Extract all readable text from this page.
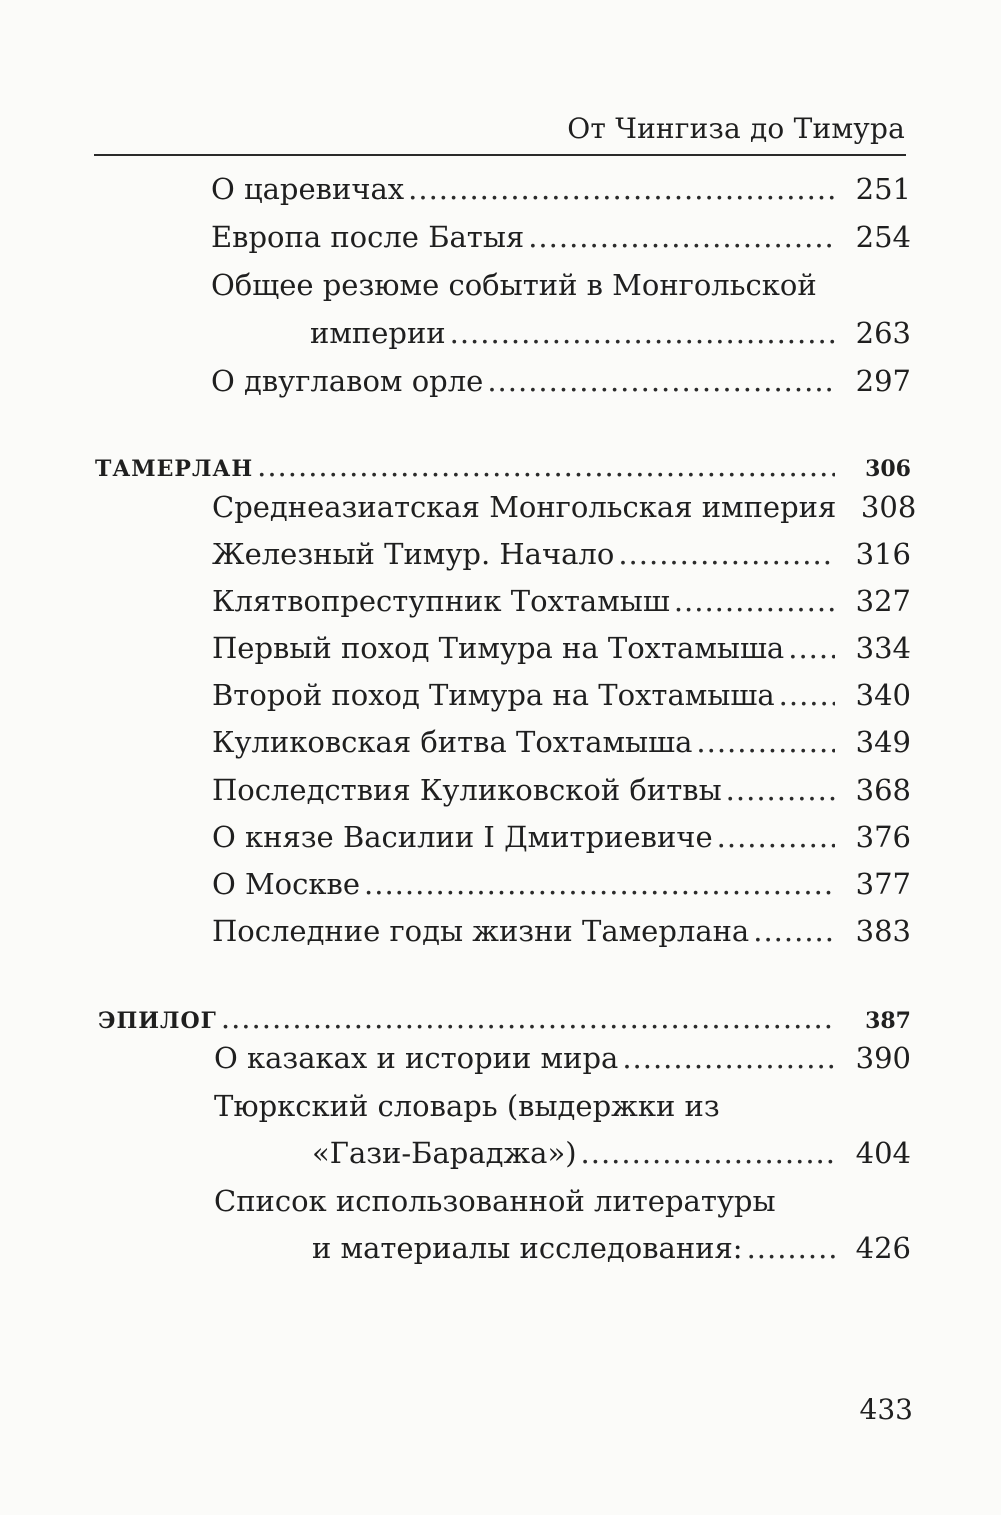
От Чингиза до Тимура
О царевичах .....	251
Европа после Батыя .....	254
Общее резюме событий в Монгольской
империи .....	263
О двуглавом орле .....	297
ТАМЕРЛАН .....	306
Среднеазиатская Монгольская империя 308
Железный Тимур. Начало .....	316
Клятвопреступник Тохтамыш .....	327
Первый поход Тимура на Тохтамыша .....	334
Второй поход Тимура на Тохтамыша .....	340
Куликовская битва Тохтамыша .....	349
Последствия Куликовской битвы .....	368
О князе Василии I Дмитриевиче .....	376
О Москве .....	377
Последние годы жизни Тамерлана .....	383
ЭПИЛОГ .....	387
О казаках и истории мира .....	390
Тюркский словарь (выдержки из
«Гази-Бараджа») .....	404
Список использованной литературы
и материалы исследования: .....	426
433
